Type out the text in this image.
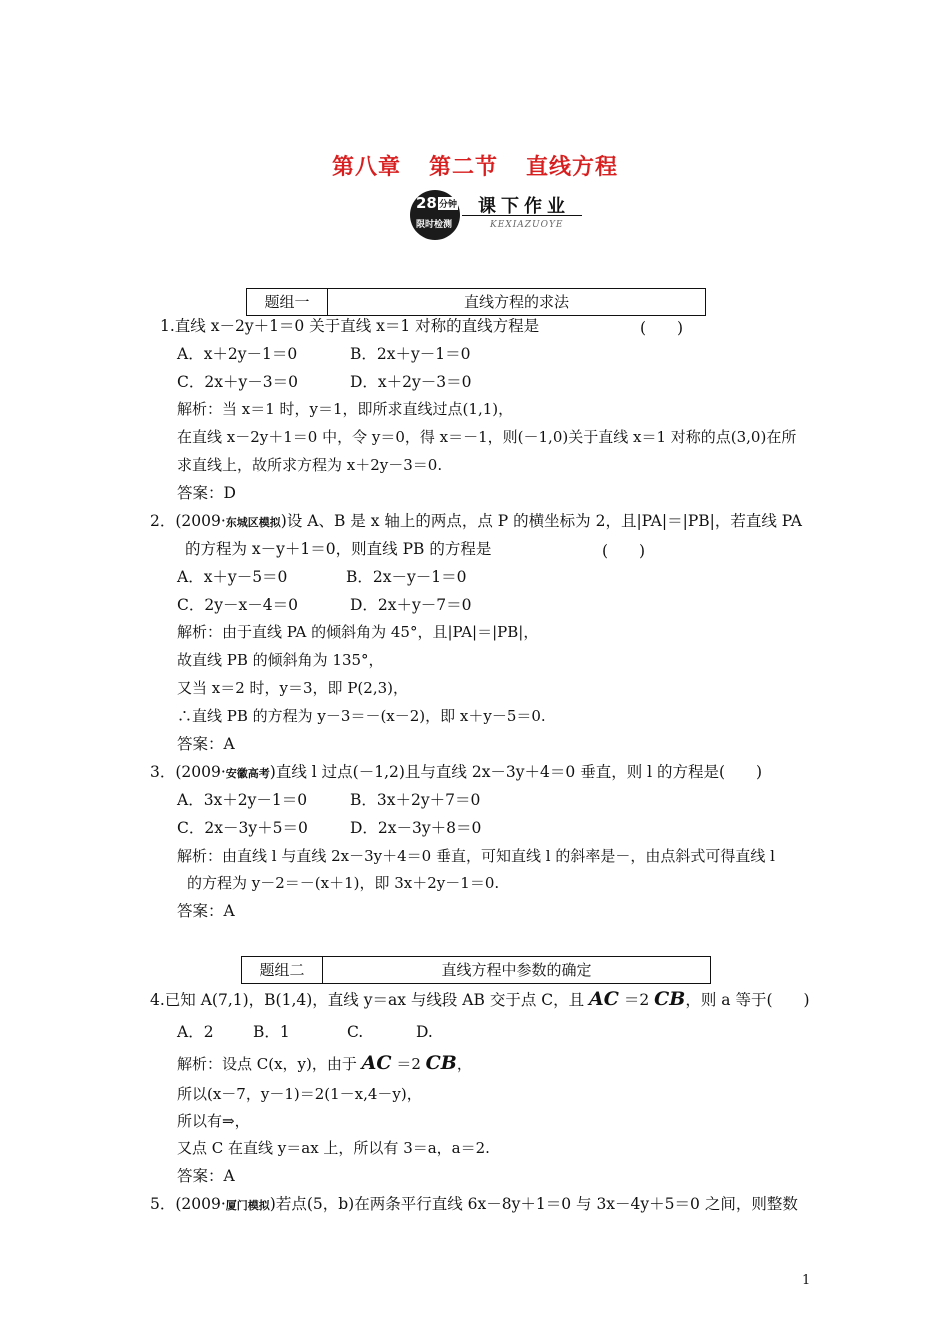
第八章 第二节 直线方程
28
限时检测
分钟 课下作业
KEXIAZUOYE
题组一	直线方程的求法
1.直线 x－2y＋1＝0 关于直线 x＝1 对称的直线方程是	(　　)
A．x＋2y－1＝0	B．2x＋y－1＝0
C．2x＋y－3＝0	D．x＋2y－3＝0
解析：当 x＝1 时，y＝1，即所求直线过点(1,1)，
在直线 x－2y＋1＝0 中，令 y＝0，得 x＝－1，则(－1,0)关于直线 x＝1 对称的点(3,0)在所
求直线上，故所求方程为 x＋2y－3＝0.
答案：D
2．(2009·东城区模拟)设 A、B 是 x 轴上的两点，点 P 的横坐标为 2，且|PA|＝|PB|，若直线 PA
的方程为 x－y＋1＝0，则直线 PB 的方程是	(　　)
A．x＋y－5＝0	B．2x－y－1＝0
C．2y－x－4＝0	D．2x＋y－7＝0
解析：由于直线 PA 的倾斜角为 45°，且|PA|＝|PB|，
故直线 PB 的倾斜角为 135°，
又当 x＝2 时，y＝3，即 P(2,3)，
∴直线 PB 的方程为 y－3＝－(x－2)，即 x＋y－5＝0.
答案：A
3．(2009·安徽高考)直线 l 过点(－1,2)且与直线 2x－3y＋4＝0 垂直，则 l 的方程是(　　)
A．3x＋2y－1＝0	B．3x＋2y＋7＝0
C．2x－3y＋5＝0	D．2x－3y＋8＝0
解析：由直线 l 与直线 2x－3y＋4＝0 垂直，可知直线 l 的斜率是－，由点斜式可得直线 l
的方程为 y－2＝－(x＋1)，即 3x＋2y－1＝0.
答案：A
题组二	直线方程中参数的确定
4.已知 A(7,1)，B(1,4)，直线 y＝ax 与线段 AB 交于点 C，且 AC ＝2 CB，则 a 等于(　　)
A．2	B．1	C.	D.
解析：设点 C(x，y)，由于 AC ＝2 CB，
所以(x－7，y－1)＝2(1－x,4－y)，
所以有⇒，
又点 C 在直线 y＝ax 上，所以有 3＝a，a＝2.
答案：A
5．(2009·厦门模拟)若点(5，b)在两条平行直线 6x－8y＋1＝0 与 3x－4y＋5＝0 之间，则整数
1
